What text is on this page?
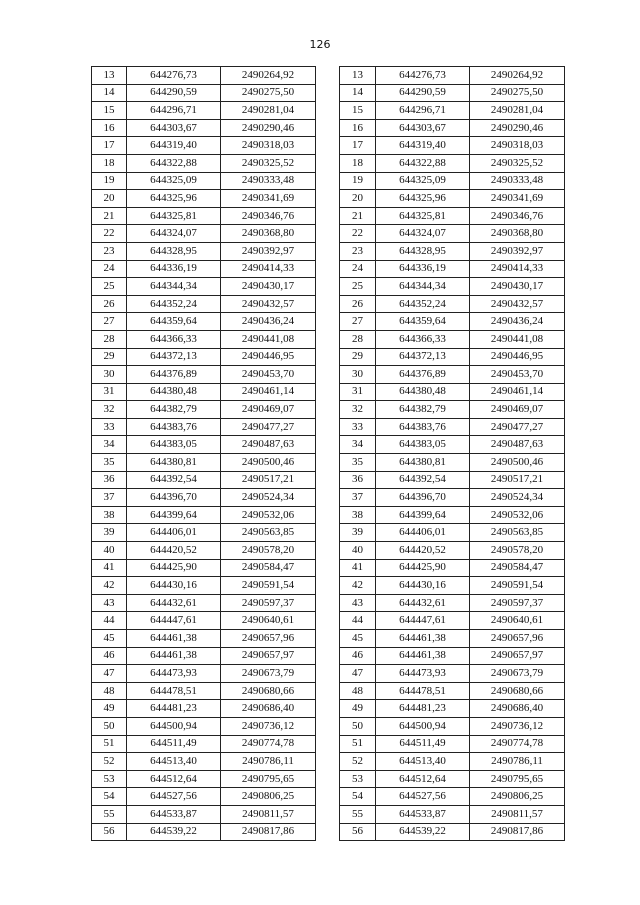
126
13	644276,73	2490264,92
14	644290,59	2490275,50
15	644296,71	2490281,04
16	644303,67	2490290,46
17	644319,40	2490318,03
18	644322,88	2490325,52
19	644325,09	2490333,48
20	644325,96	2490341,69
21	644325,81	2490346,76
22	644324,07	2490368,80
23	644328,95	2490392,97
24	644336,19	2490414,33
25	644344,34	2490430,17
26	644352,24	2490432,57
27	644359,64	2490436,24
28	644366,33	2490441,08
29	644372,13	2490446,95
30	644376,89	2490453,70
31	644380,48	2490461,14
32	644382,79	2490469,07
33	644383,76	2490477,27
34	644383,05	2490487,63
35	644380,81	2490500,46
36	644392,54	2490517,21
37	644396,70	2490524,34
38	644399,64	2490532,06
39	644406,01	2490563,85
40	644420,52	2490578,20
41	644425,90	2490584,47
42	644430,16	2490591,54
43	644432,61	2490597,37
44	644447,61	2490640,61
45	644461,38	2490657,96
46	644461,38	2490657,97
47	644473,93	2490673,79
48	644478,51	2490680,66
49	644481,23	2490686,40
50	644500,94	2490736,12
51	644511,49	2490774,78
52	644513,40	2490786,11
53	644512,64	2490795,65
54	644527,56	2490806,25
55	644533,87	2490811,57
56	644539,22	2490817,86
13	644276,73	2490264,92
14	644290,59	2490275,50
15	644296,71	2490281,04
16	644303,67	2490290,46
17	644319,40	2490318,03
18	644322,88	2490325,52
19	644325,09	2490333,48
20	644325,96	2490341,69
21	644325,81	2490346,76
22	644324,07	2490368,80
23	644328,95	2490392,97
24	644336,19	2490414,33
25	644344,34	2490430,17
26	644352,24	2490432,57
27	644359,64	2490436,24
28	644366,33	2490441,08
29	644372,13	2490446,95
30	644376,89	2490453,70
31	644380,48	2490461,14
32	644382,79	2490469,07
33	644383,76	2490477,27
34	644383,05	2490487,63
35	644380,81	2490500,46
36	644392,54	2490517,21
37	644396,70	2490524,34
38	644399,64	2490532,06
39	644406,01	2490563,85
40	644420,52	2490578,20
41	644425,90	2490584,47
42	644430,16	2490591,54
43	644432,61	2490597,37
44	644447,61	2490640,61
45	644461,38	2490657,96
46	644461,38	2490657,97
47	644473,93	2490673,79
48	644478,51	2490680,66
49	644481,23	2490686,40
50	644500,94	2490736,12
51	644511,49	2490774,78
52	644513,40	2490786,11
53	644512,64	2490795,65
54	644527,56	2490806,25
55	644533,87	2490811,57
56	644539,22	2490817,86
